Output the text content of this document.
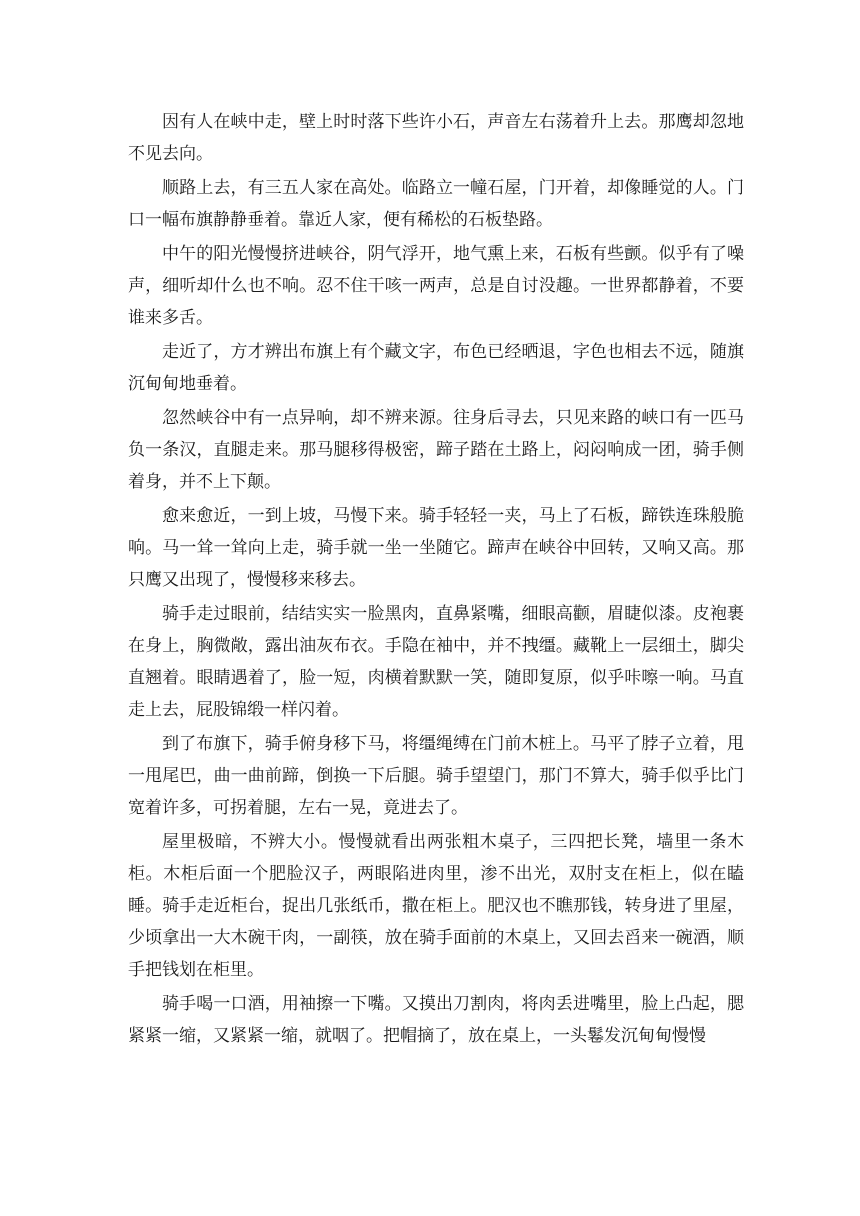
因有人在峡中走，壁上时时落下些许小石，声音左右荡着升上去。那鹰却忽地不见去向。

顺路上去，有三五人家在高处。临路立一幢石屋，门开着，却像睡觉的人。门口一幅布旗静静垂着。靠近人家，便有稀松的石板垫路。

中午的阳光慢慢挤进峡谷，阴气浮开，地气熏上来，石板有些颤。似乎有了噪声，细听却什么也不响。忍不住干咳一两声，总是自讨没趣。一世界都静着，不要谁来多舌。

走近了，方才辨出布旗上有个藏文字，布色已经晒退，字色也相去不远，随旗沉甸甸地垂着。

忽然峡谷中有一点异响，却不辨来源。往身后寻去，只见来路的峡口有一匹马负一条汉，直腿走来。那马腿移得极密，蹄子踏在土路上，闷闷响成一团，骑手侧着身，并不上下颠。

愈来愈近，一到上坡，马慢下来。骑手轻轻一夹，马上了石板，蹄铁连珠般脆响。马一耸一耸向上走，骑手就一坐一坐随它。蹄声在峡谷中回转，又响又高。那只鹰又出现了，慢慢移来移去。

骑手走过眼前，结结实实一脸黑肉，直鼻紧嘴，细眼高颧，眉睫似漆。皮袍裹在身上，胸微敞，露出油灰布衣。手隐在袖中，并不拽缰。藏靴上一层细土，脚尖直翘着。眼睛遇着了，脸一短，肉横着默默一笑，随即复原，似乎咔嚓一响。马直走上去，屁股锦缎一样闪着。

到了布旗下，骑手俯身移下马，将缰绳缚在门前木桩上。马平了脖子立着，甩一甩尾巴，曲一曲前蹄，倒换一下后腿。骑手望望门，那门不算大，骑手似乎比门宽着许多，可拐着腿，左右一晃，竟进去了。

屋里极暗，不辨大小。慢慢就看出两张粗木桌子，三四把长凳，墙里一条木柜。木柜后面一个肥脸汉子，两眼陷进肉里，渗不出光，双肘支在柜上，似在瞌睡。骑手走近柜台，捉出几张纸币，撒在柜上。肥汉也不瞧那钱，转身进了里屋，少顷拿出一大木碗干肉，一副筷，放在骑手面前的木桌上，又回去舀来一碗酒，顺手把钱划在柜里。

骑手喝一口酒，用袖擦一下嘴。又摸出刀割肉，将肉丢进嘴里，脸上凸起，腮紧紧一缩，又紧紧一缩，就咽了。把帽摘了，放在桌上，一头鬈发沉甸甸慢慢
